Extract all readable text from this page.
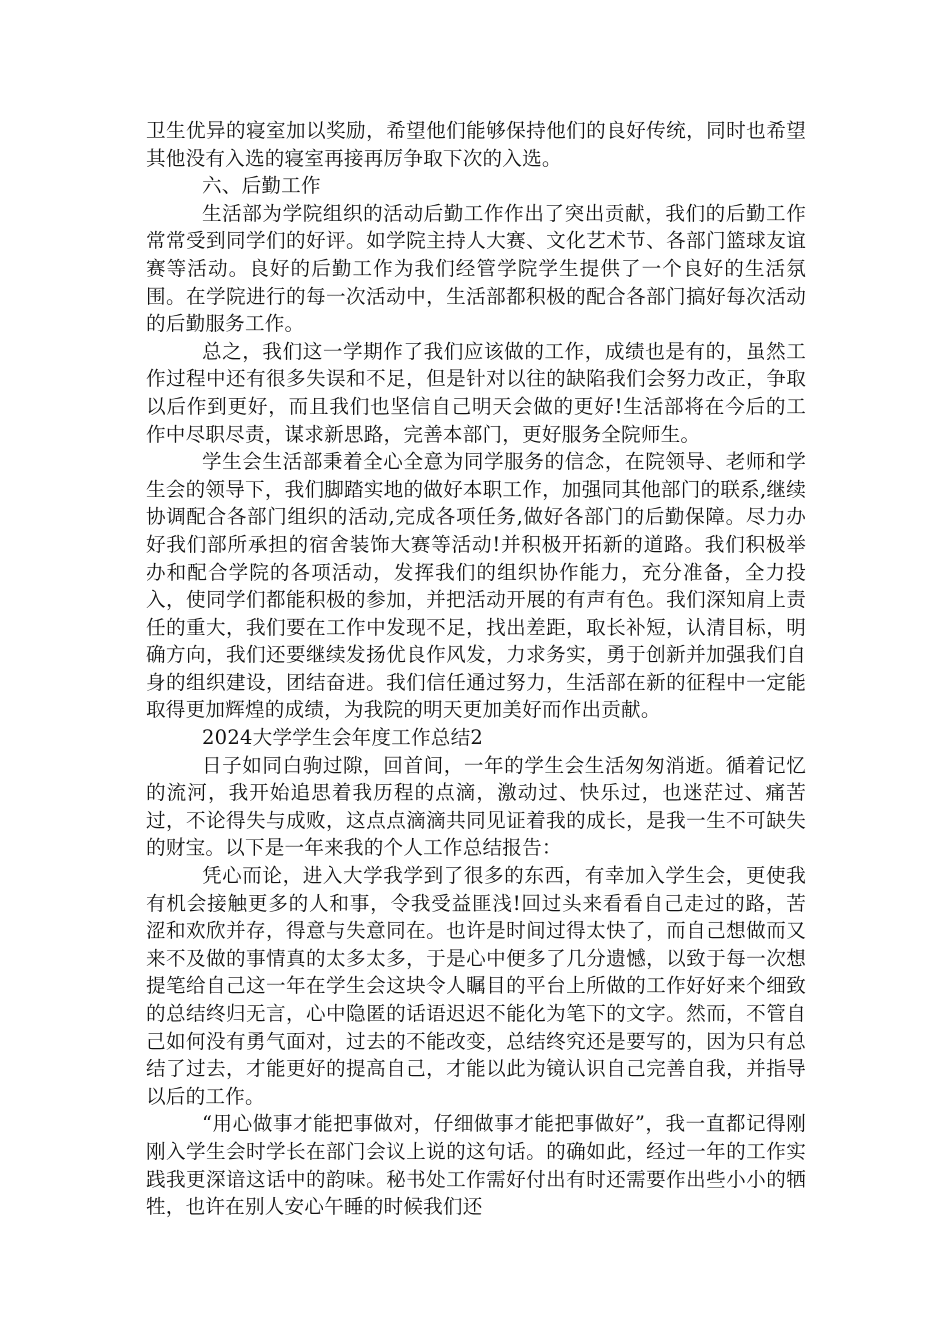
卫生优异的寝室加以奖励，希望他们能够保持他们的良好传统，同时也希望其他没有入选的寝室再接再厉争取下次的入选。

六、后勤工作

生活部为学院组织的活动后勤工作作出了突出贡献，我们的后勤工作常常受到同学们的好评。如学院主持人大赛、文化艺术节、各部门篮球友谊赛等活动。良好的后勤工作为我们经管学院学生提供了一个良好的生活氛围。在学院进行的每一次活动中，生活部都积极的配合各部门搞好每次活动的后勤服务工作。

总之，我们这一学期作了我们应该做的工作，成绩也是有的，虽然工作过程中还有很多失误和不足，但是针对以往的缺陷我们会努力改正，争取以后作到更好，而且我们也坚信自己明天会做的更好!生活部将在今后的工作中尽职尽责，谋求新思路，完善本部门，更好服务全院师生。

学生会生活部秉着全心全意为同学服务的信念，在院领导、老师和学生会的领导下，我们脚踏实地的做好本职工作，加强同其他部门的联系,继续协调配合各部门组织的活动,完成各项任务,做好各部门的后勤保障。尽力办好我们部所承担的宿舍装饰大赛等活动!并积极开拓新的道路。我们积极举办和配合学院的各项活动，发挥我们的组织协作能力，充分准备，全力投入，使同学们都能积极的参加，并把活动开展的有声有色。我们深知肩上责任的重大，我们要在工作中发现不足，找出差距，取长补短，认清目标，明确方向，我们还要继续发扬优良作风发，力求务实，勇于创新并加强我们自身的组织建设，团结奋进。我们信任通过努力，生活部在新的征程中一定能取得更加辉煌的成绩，为我院的明天更加美好而作出贡献。

2024大学学生会年度工作总结2

日子如同白驹过隙，回首间，一年的学生会生活匆匆消逝。循着记忆的流河，我开始追思着我历程的点滴，激动过、快乐过，也迷茫过、痛苦过，不论得失与成败，这点点滴滴共同见证着我的成长，是我一生不可缺失的财宝。以下是一年来我的个人工作总结报告：

凭心而论，进入大学我学到了很多的东西，有幸加入学生会，更使我有机会接触更多的人和事，令我受益匪浅!回过头来看看自己走过的路，苦涩和欢欣并存，得意与失意同在。也许是时间过得太快了，而自己想做而又来不及做的事情真的太多太多，于是心中便多了几分遗憾，以致于每一次想提笔给自己这一年在学生会这块令人瞩目的平台上所做的工作好好来个细致的总结终归无言，心中隐匿的话语迟迟不能化为笔下的文字。然而，不管自己如何没有勇气面对，过去的不能改变，总结终究还是要写的，因为只有总结了过去，才能更好的提高自己，才能以此为镜认识自己完善自我，并指导以后的工作。

“用心做事才能把事做对，仔细做事才能把事做好”，我一直都记得刚刚入学生会时学长在部门会议上说的这句话。的确如此，经过一年的工作实践我更深谙这话中的韵味。秘书处工作需好付出有时还需要作出些小小的牺牲，也许在别人安心午睡的时候我们还
